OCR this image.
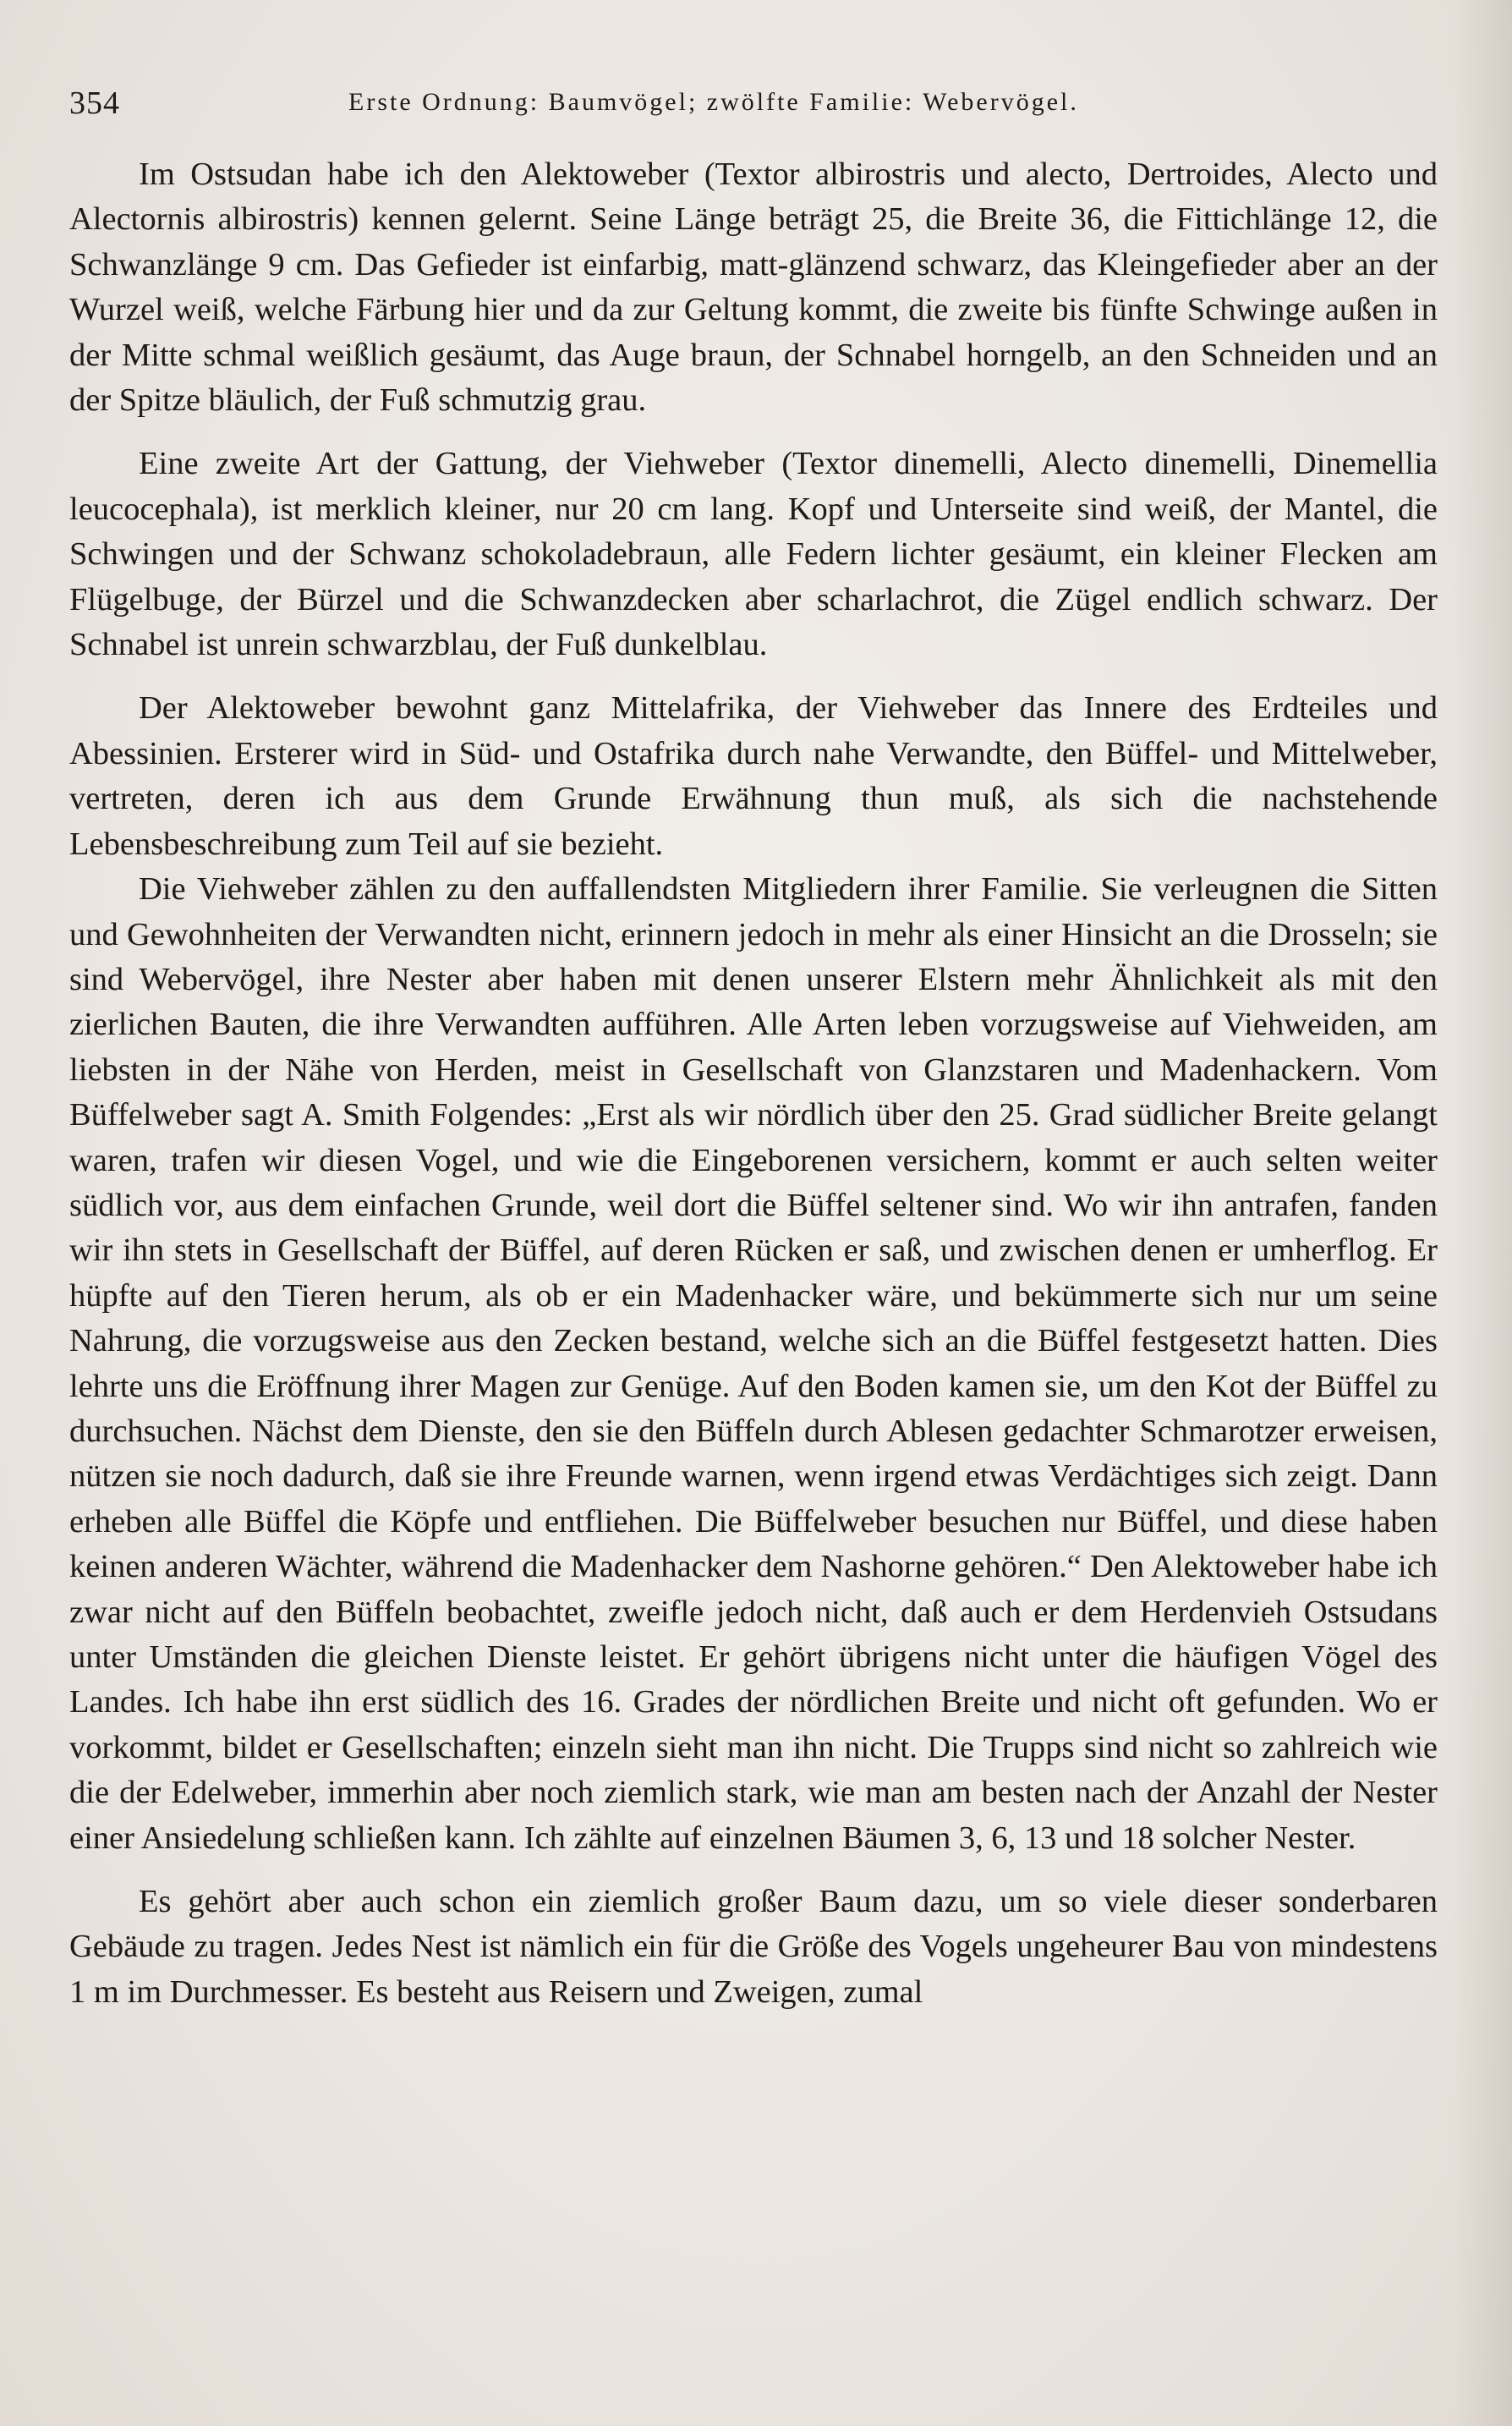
354	Erste Ordnung: Baumvögel; zwölfte Familie: Webervögel.

Im Ostsudan habe ich den Alektoweber (Textor albirostris und alecto, Dertroides, Alecto und Alectornis albirostris) kennen gelernt. Seine Länge beträgt 25, die Breite 36, die Fittichlänge 12, die Schwanzlänge 9 cm. Das Gefieder ist einfarbig, matt-glänzend schwarz, das Kleingefieder aber an der Wurzel weiß, welche Färbung hier und da zur Geltung kommt, die zweite bis fünfte Schwinge außen in der Mitte schmal weißlich gesäumt, das Auge braun, der Schnabel horngelb, an den Schneiden und an der Spitze bläulich, der Fuß schmutzig grau.

Eine zweite Art der Gattung, der Viehweber (Textor dinemelli, Alecto dinemelli, Dinemellia leucocephala), ist merklich kleiner, nur 20 cm lang. Kopf und Unterseite sind weiß, der Mantel, die Schwingen und der Schwanz schokoladebraun, alle Federn lichter gesäumt, ein kleiner Flecken am Flügelbuge, der Bürzel und die Schwanzdecken aber scharlachrot, die Zügel endlich schwarz. Der Schnabel ist unrein schwarzblau, der Fuß dunkelblau.

Der Alektoweber bewohnt ganz Mittelafrika, der Viehweber das Innere des Erdteiles und Abessinien. Ersterer wird in Süd- und Ostafrika durch nahe Verwandte, den Büffel- und Mittelweber, vertreten, deren ich aus dem Grunde Erwähnung thun muß, als sich die nachstehende Lebensbeschreibung zum Teil auf sie bezieht.

Die Viehweber zählen zu den auffallendsten Mitgliedern ihrer Familie. Sie verleugnen die Sitten und Gewohnheiten der Verwandten nicht, erinnern jedoch in mehr als einer Hinsicht an die Drosseln; sie sind Webervögel, ihre Nester aber haben mit denen unserer Elstern mehr Ähnlichkeit als mit den zierlichen Bauten, die ihre Verwandten aufführen. Alle Arten leben vorzugsweise auf Viehweiden, am liebsten in der Nähe von Herden, meist in Gesellschaft von Glanzstaren und Madenhackern. Vom Büffelweber sagt A. Smith Folgendes: „Erst als wir nördlich über den 25. Grad südlicher Breite gelangt waren, trafen wir diesen Vogel, und wie die Eingeborenen versichern, kommt er auch selten weiter südlich vor, aus dem einfachen Grunde, weil dort die Büffel seltener sind. Wo wir ihn antrafen, fanden wir ihn stets in Gesellschaft der Büffel, auf deren Rücken er saß, und zwischen denen er umherflog. Er hüpfte auf den Tieren herum, als ob er ein Madenhacker wäre, und bekümmerte sich nur um seine Nahrung, die vorzugsweise aus den Zecken bestand, welche sich an die Büffel festgesetzt hatten. Dies lehrte uns die Eröffnung ihrer Magen zur Genüge. Auf den Boden kamen sie, um den Kot der Büffel zu durchsuchen. Nächst dem Dienste, den sie den Büffeln durch Ablesen gedachter Schmarotzer erweisen, nützen sie noch dadurch, daß sie ihre Freunde warnen, wenn irgend etwas Verdächtiges sich zeigt. Dann erheben alle Büffel die Köpfe und entfliehen. Die Büffelweber besuchen nur Büffel, und diese haben keinen anderen Wächter, während die Madenhacker dem Nashorne gehören.“ Den Alektoweber habe ich zwar nicht auf den Büffeln beobachtet, zweifle jedoch nicht, daß auch er dem Herdenvieh Ostsudans unter Umständen die gleichen Dienste leistet. Er gehört übrigens nicht unter die häufigen Vögel des Landes. Ich habe ihn erst südlich des 16. Grades der nördlichen Breite und nicht oft gefunden. Wo er vorkommt, bildet er Gesellschaften; einzeln sieht man ihn nicht. Die Trupps sind nicht so zahlreich wie die der Edelweber, immerhin aber noch ziemlich stark, wie man am besten nach der Anzahl der Nester einer Ansiedelung schließen kann. Ich zählte auf einzelnen Bäumen 3, 6, 13 und 18 solcher Nester.

Es gehört aber auch schon ein ziemlich großer Baum dazu, um so viele dieser sonderbaren Gebäude zu tragen. Jedes Nest ist nämlich ein für die Größe des Vogels ungeheurer Bau von mindestens 1 m im Durchmesser. Es besteht aus Reisern und Zweigen, zumal
